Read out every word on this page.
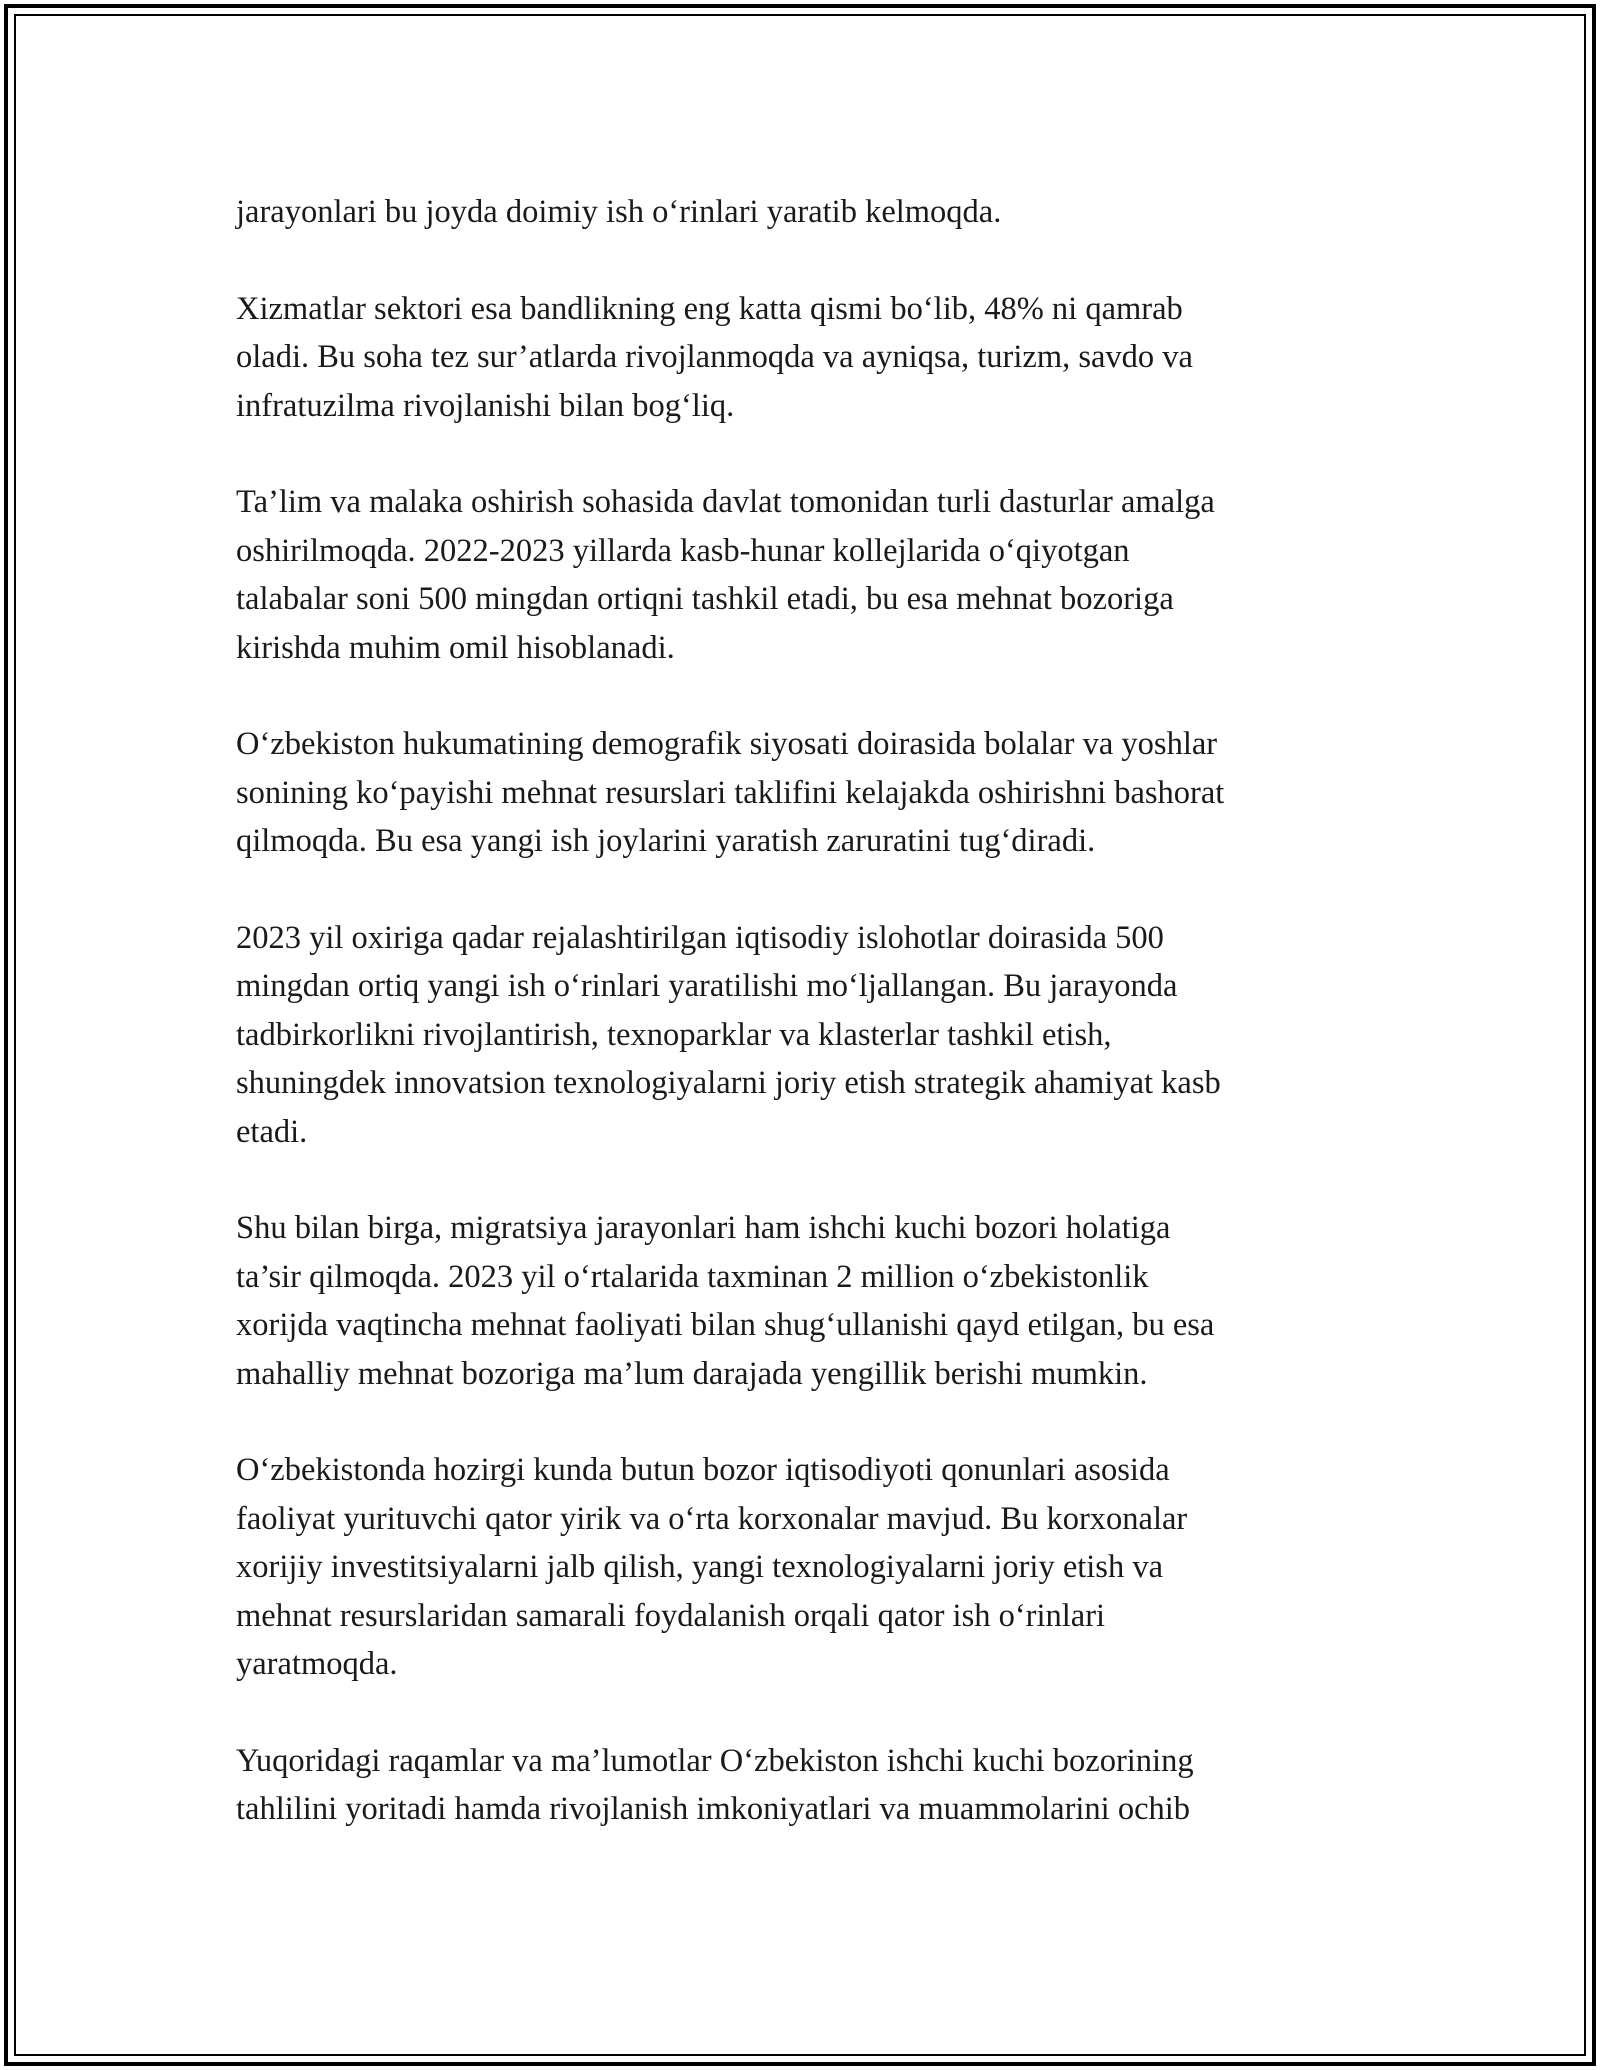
jarayonlari bu joyda doimiy ish o‘rinlari yaratib kelmoqda.

Xizmatlar sektori esa bandlikning eng katta qismi bo‘lib, 48% ni qamrab
oladi. Bu soha tez sur’atlarda rivojlanmoqda va ayniqsa, turizm, savdo va
infratuzilma rivojlanishi bilan bog‘liq.

Ta’lim va malaka oshirish sohasida davlat tomonidan turli dasturlar amalga
oshirilmoqda. 2022-2023 yillarda kasb-hunar kollejlarida o‘qiyotgan
talabalar soni 500 mingdan ortiqni tashkil etadi, bu esa mehnat bozoriga
kirishda muhim omil hisoblanadi.

O‘zbekiston hukumatining demografik siyosati doirasida bolalar va yoshlar
sonining ko‘payishi mehnat resurslari taklifini kelajakda oshirishni bashorat
qilmoqda. Bu esa yangi ish joylarini yaratish zaruratini tug‘diradi.

2023 yil oxiriga qadar rejalashtirilgan iqtisodiy islohotlar doirasida 500
mingdan ortiq yangi ish o‘rinlari yaratilishi mo‘ljallangan. Bu jarayonda
tadbirkorlikni rivojlantirish, texnoparklar va klasterlar tashkil etish,
shuningdek innovatsion texnologiyalarni joriy etish strategik ahamiyat kasb
etadi.

Shu bilan birga, migratsiya jarayonlari ham ishchi kuchi bozori holatiga
ta’sir qilmoqda. 2023 yil o‘rtalarida taxminan 2 million o‘zbekistonlik
xorijda vaqtincha mehnat faoliyati bilan shug‘ullanishi qayd etilgan, bu esa
mahalliy mehnat bozoriga ma’lum darajada yengillik berishi mumkin.

O‘zbekistonda hozirgi kunda butun bozor iqtisodiyoti qonunlari asosida
faoliyat yurituvchi qator yirik va o‘rta korxonalar mavjud. Bu korxonalar
xorijiy investitsiyalarni jalb qilish, yangi texnologiyalarni joriy etish va
mehnat resurslaridan samarali foydalanish orqali qator ish o‘rinlari
yaratmoqda.

Yuqoridagi raqamlar va ma’lumotlar O‘zbekiston ishchi kuchi bozorining
tahlilini yoritadi hamda rivojlanish imkoniyatlari va muammolarini ochib
